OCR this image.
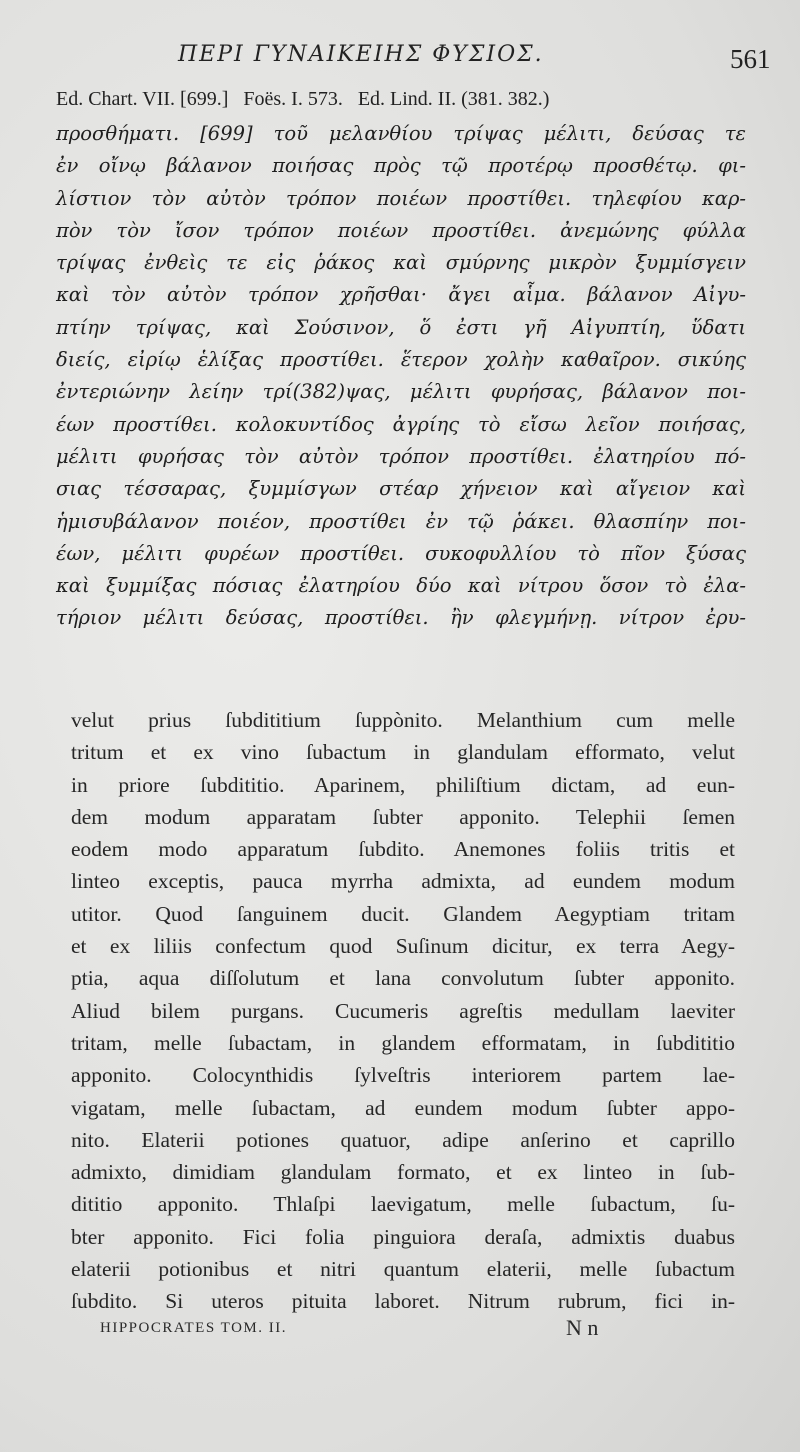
ΠΕΡΙ ΓΥΝΑΙΚΕΙΗΣ ΦΥΣΙΟΣ.	561
Ed. Chart. VII. [699.]   Foës. I. 573.   Ed. Lind. II. (381. 382.)
προσθήματι. [699] τοῦ μελανθίου τρίψας μέλιτι, δεύσας τε
ἐν οἴνῳ βάλανον ποιήσας πρὸς τῷ προτέρῳ προσθέτῳ. φι-
λίστιον τὸν αὐτὸν τρόπον ποιέων προστίθει. τηλεφίου καρ-
πὸν τὸν ἴσον τρόπον ποιέων προστίθει. ἀνεμώνης φύλλα
τρίψας ἐνθεὶς τε εἰς ῥάκος καὶ σμύρνης μικρὸν ξυμμίσγειν
καὶ τὸν αὐτὸν τρόπον χρῆσθαι· ἄγει αἷμα. βάλανον Αἰγυ-
πτίην τρίψας, καὶ Σούσινον, ὅ ἐστι γῆ Αἰγυπτίη, ὕδατι
διείς, εἰρίῳ ἑλίξας προστίθει. ἕτερον χολὴν καθαῖρον. σικύης
ἐντεριώνην λείην τρί(382)ψας, μέλιτι φυρήσας, βάλανον ποι-
έων προστίθει. κολοκυντίδος ἀγρίης τὸ εἴσω λεῖον ποιήσας,
μέλιτι φυρήσας τὸν αὐτὸν τρόπον προστίθει. ἐλατηρίου πό-
σιας τέσσαρας, ξυμμίσγων στέαρ χήνειον καὶ αἴγειον καὶ
ἡμισυβάλανον ποιέον, προστίθει ἐν τῷ ῥάκει. θλασπίην ποι-
έων, μέλιτι φυρέων προστίθει. συκοφυλλίου τὸ πῖον ξύσας
καὶ ξυμμίξας πόσιας ἐλατηρίου δύο καὶ νίτρου ὅσον τὸ ἐλα-
τήριον μέλιτι δεύσας, προστίθει. ἢν φλεγμήνῃ. νίτρον ἐρυ-
velut prius ſubdititium ſuppònito. Melanthium cum melle
tritum et ex vino ſubactum in glandulam efformato, velut
in priore ſubdititio. Aparinem, philiſtium dictam, ad eun-
dem modum apparatam ſubter apponito. Telephii ſemen
eodem modo apparatum ſubdito. Anemones foliis tritis et
linteo exceptis, pauca myrrha admixta, ad eundem modum
utitor. Quod ſanguinem ducit. Glandem Aegyptiam tritam
et ex liliis confectum quod Suſinum dicitur, ex terra Aegy-
ptia, aqua diſſolutum et lana convolutum ſubter apponito.
Aliud bilem purgans. Cucumeris agreſtis medullam laeviter
tritam, melle ſubactam, in glandem efformatam, in ſubdititio
apponito. Colocynthidis ſylveſtris interiorem partem lae-
vigatam, melle ſubactam, ad eundem modum ſubter appo-
nito. Elaterii potiones quatuor, adipe anſerino et caprillo
admixto, dimidiam glandulam formato, et ex linteo in ſub-
dititio apponito. Thlaſpi laevigatum, melle ſubactum, ſu-
bter apponito. Fici folia pinguiora deraſa, admixtis duabus
elaterii potionibus et nitri quantum elaterii, melle ſubactum
ſubdito. Si uteros pituita laboret. Nitrum rubrum, fici in-
HIPPOCRATES TOM. II.	N n
